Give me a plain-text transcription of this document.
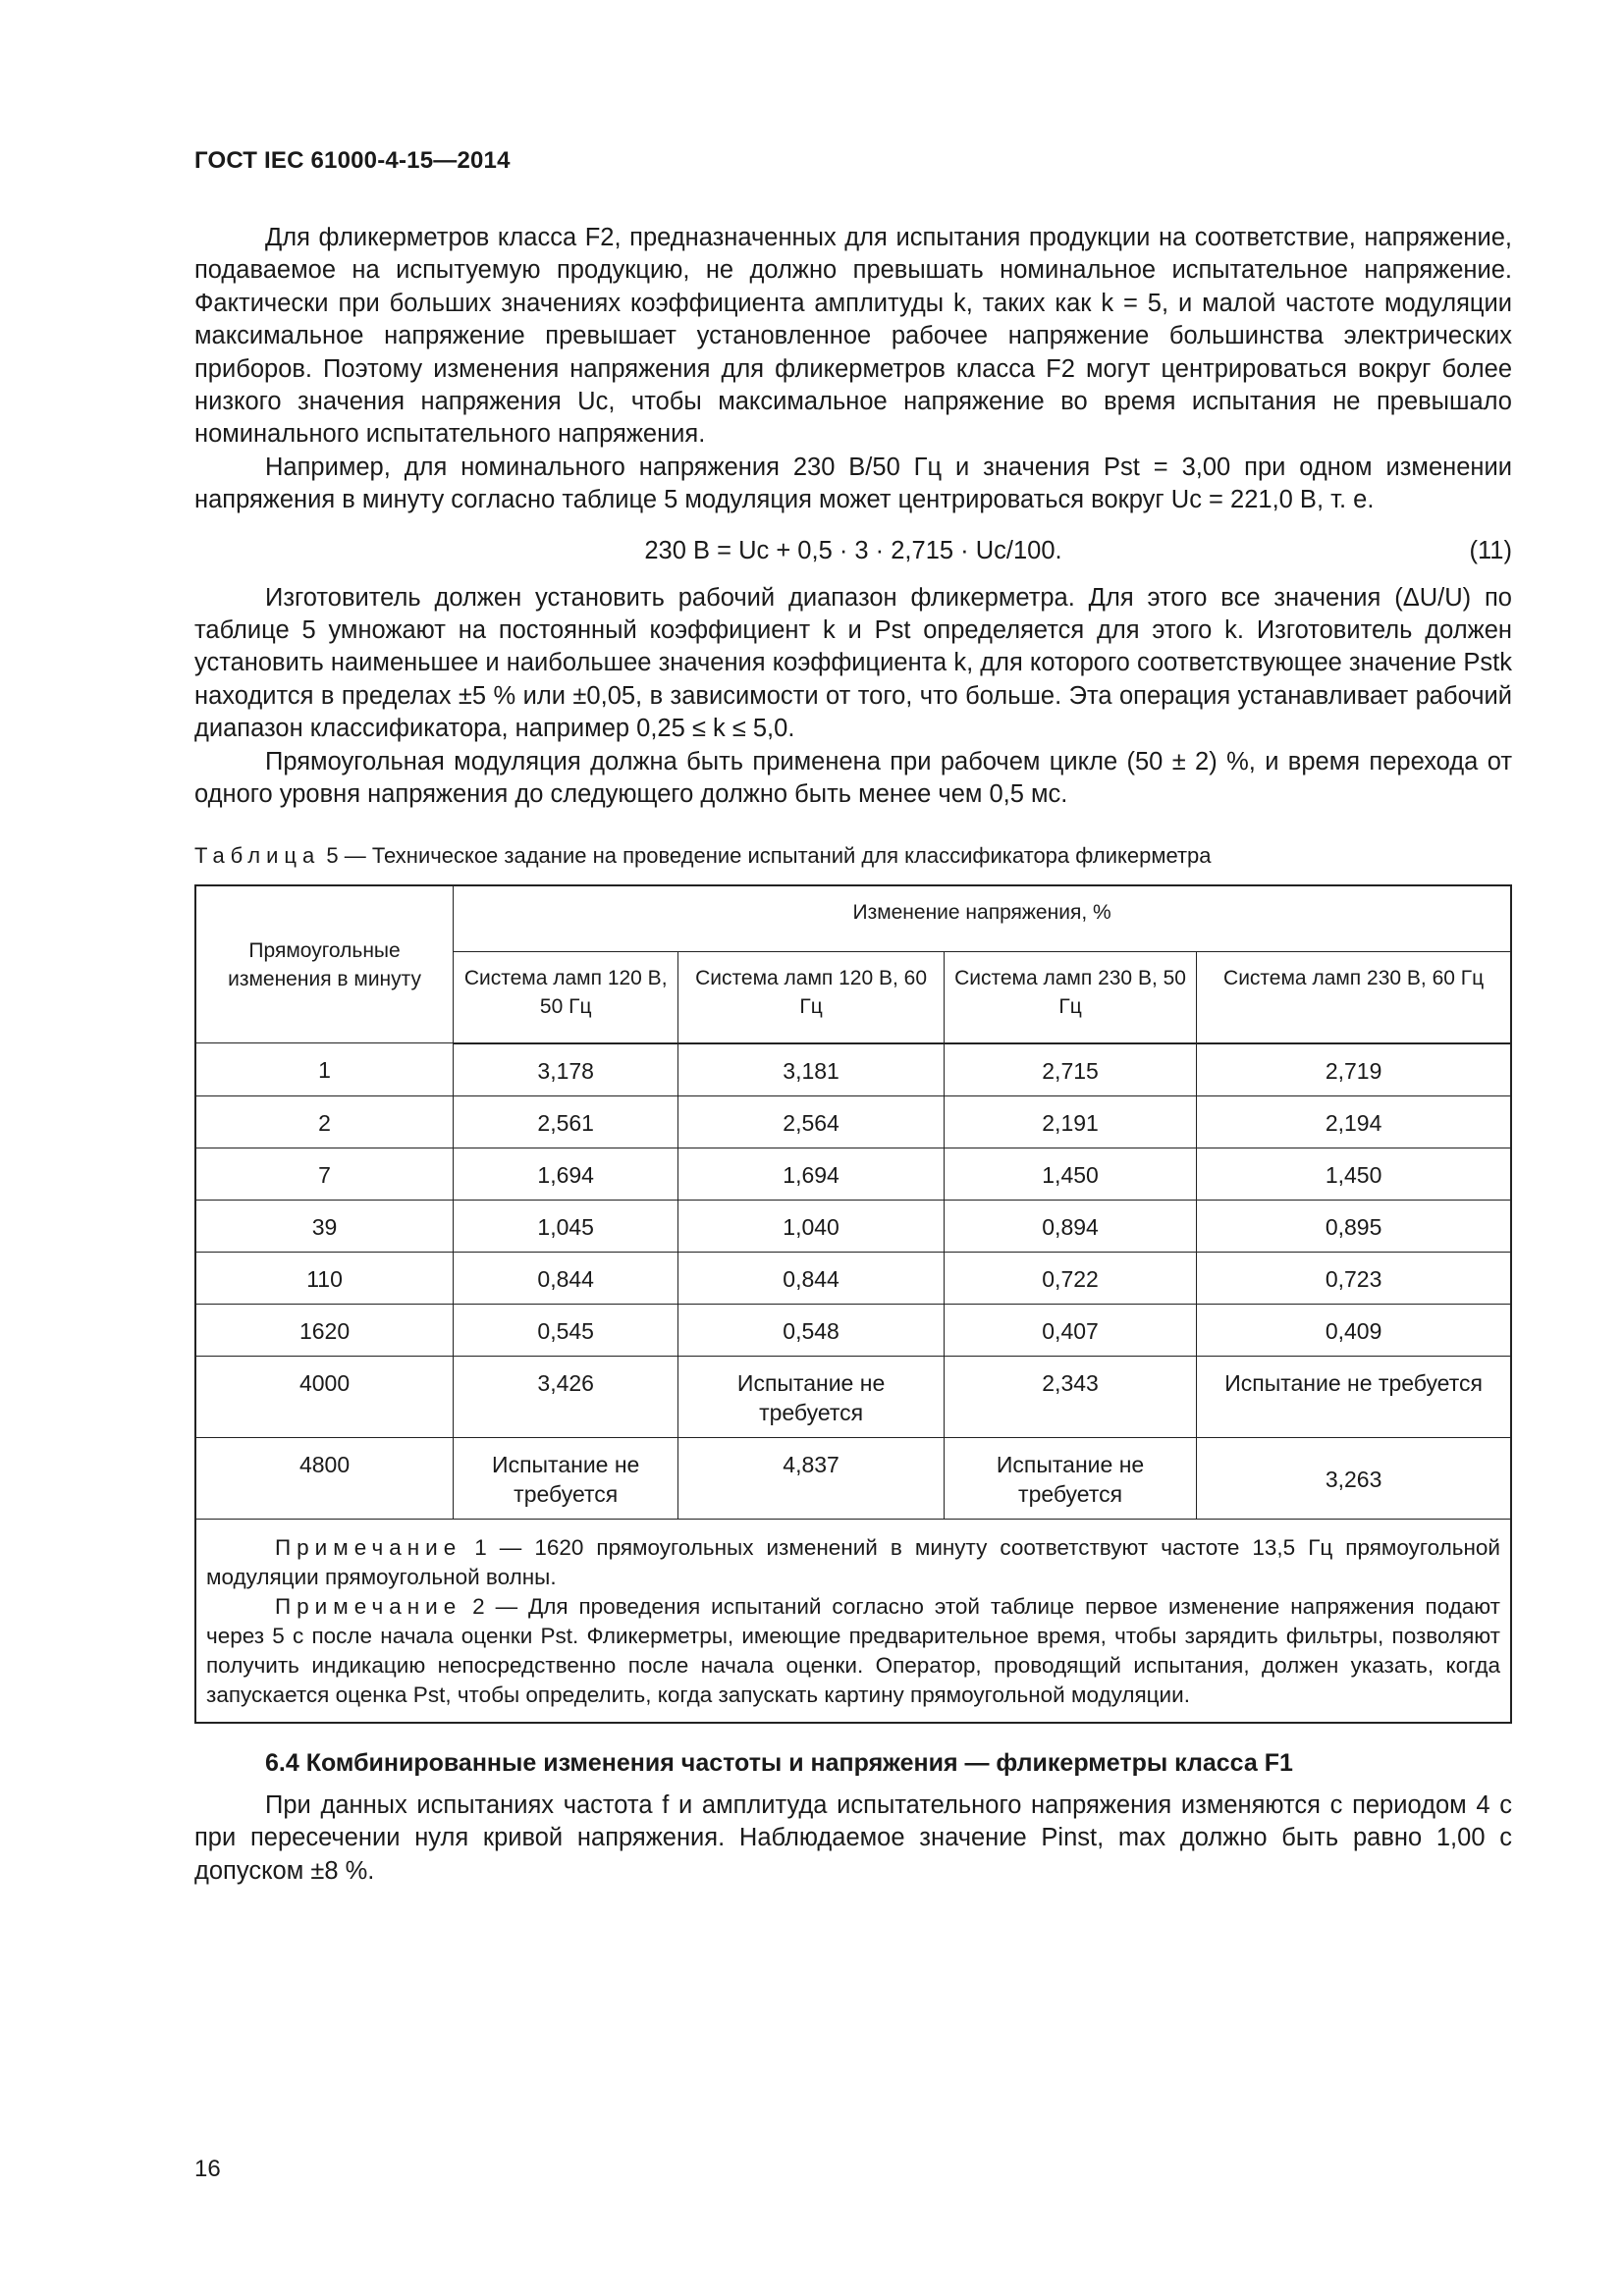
ГОСТ IEC 61000-4-15—2014

Для фликерметров класса F2, предназначенных для испытания продукции на соответствие, напряжение, подаваемое на испытуемую продукцию, не должно превышать номинальное испытательное напряжение. Фактически при больших значениях коэффициента амплитуды k, таких как k = 5, и малой частоте модуляции максимальное напряжение превышает установленное рабочее напряжение большинства электрических приборов. Поэтому изменения напряжения для фликерметров класса F2 могут центрироваться вокруг более низкого значения напряжения Uc, чтобы максимальное напряжение во время испытания не превышало номинального испытательного напряжения.

Например, для номинального напряжения 230 В/50 Гц и значения Pst = 3,00 при одном изменении напряжения в минуту согласно таблице 5 модуляция может центрироваться вокруг Uc = 221,0 В, т. е.

230 В = Uc + 0,5 · 3 · 2,715 · Uc/100.	(11)

Изготовитель должен установить рабочий диапазон фликерметра. Для этого все значения (ΔU/U) по таблице 5 умножают на постоянный коэффициент k и Pst определяется для этого k. Изготовитель должен установить наименьшее и наибольшее значения коэффициента k, для которого соответствующее значение Pstk находится в пределах ±5 % или ±0,05, в зависимости от того, что больше. Эта операция устанавливает рабочий диапазон классификатора, например 0,25 ≤ k ≤ 5,0.

Прямоугольная модуляция должна быть применена при рабочем цикле (50 ± 2) %, и время перехода от одного уровня напряжения до следующего должно быть менее чем 0,5 мс.

Таблица 5 — Техническое задание на проведение испытаний для классификатора фликерметра
Прямоугольные изменения в минуту	Изменение напряжения, %			
	Система ламп 120 В, 50 Гц	Система ламп 120 В, 60 Гц	Система ламп 230 В, 50 Гц	Система ламп 230 В, 60 Гц
1	3,178	3,181	2,715	2,719
2	2,561	2,564	2,191	2,194
7	1,694	1,694	1,450	1,450
39	1,045	1,040	0,894	0,895
110	0,844	0,844	0,722	0,723
1620	0,545	0,548	0,407	0,409
4000	3,426	Испытание не требуется	2,343	Испытание не требуется
4800	Испытание не требуется	4,837	Испытание не требуется	3,263

Примечание 1 — 1620 прямоугольных изменений в минуту соответствуют частоте 13,5 Гц прямоугольной модуляции прямоугольной волны.
Примечание 2 — Для проведения испытаний согласно этой таблице первое изменение напряжения подают через 5 с после начала оценки Pst. Фликерметры, имеющие предварительное время, чтобы зарядить фильтры, позволяют получить индикацию непосредственно после начала оценки. Оператор, проводящий испытания, должен указать, когда запускается оценка Pst, чтобы определить, когда запускать картину прямоугольной модуляции.				
6.4 Комбинированные изменения частоты и напряжения — фликерметры класса F1

При данных испытаниях частота f и амплитуда испытательного напряжения изменяются с периодом 4 с при пересечении нуля кривой напряжения. Наблюдаемое значение Pinst, max должно быть равно 1,00 с допуском ±8 %.

16
